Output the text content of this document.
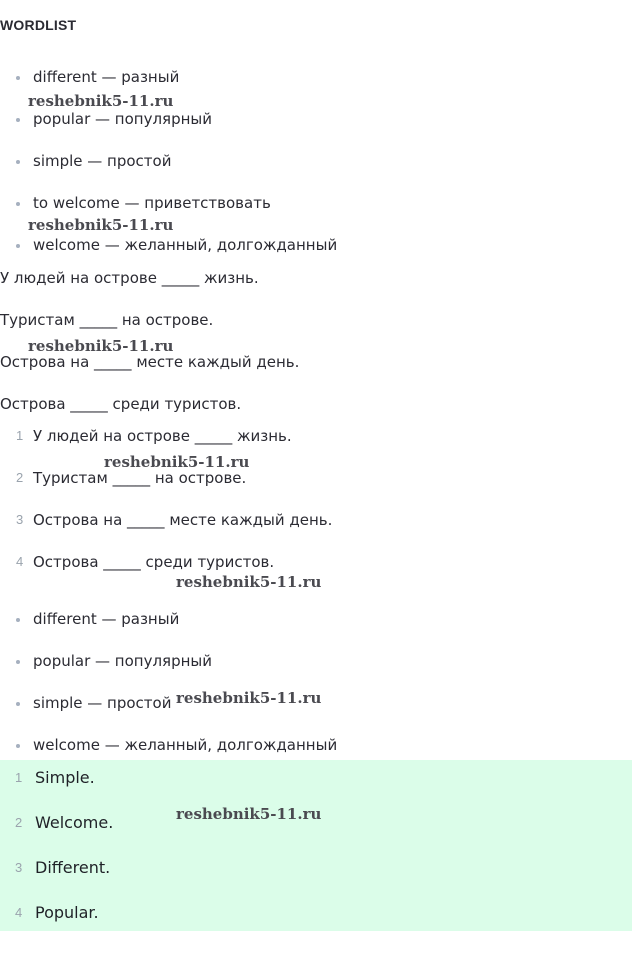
WORDLIST
different — разный
popular — популярный
simple — простой
to welcome — приветствовать
welcome — желанный, долгожданный
У людей на острове _____ жизнь.
Туристам _____ на острове.
Острова на _____ месте каждый день.
Острова _____ среди туристов.
1 У людей на острове _____ жизнь.
2 Туристам _____ на острове.
3 Острова на _____ месте каждый день.
4 Острова _____ среди туристов.
different — разный
popular — популярный
simple — простой
welcome — желанный, долгожданный
1 Simple.
2 Welcome.
3 Different.
4 Popular.
reshebnik5-11.ru
reshebnik5-11.ru
reshebnik5-11.ru
reshebnik5-11.ru
reshebnik5-11.ru
reshebnik5-11.ru
reshebnik5-11.ru
